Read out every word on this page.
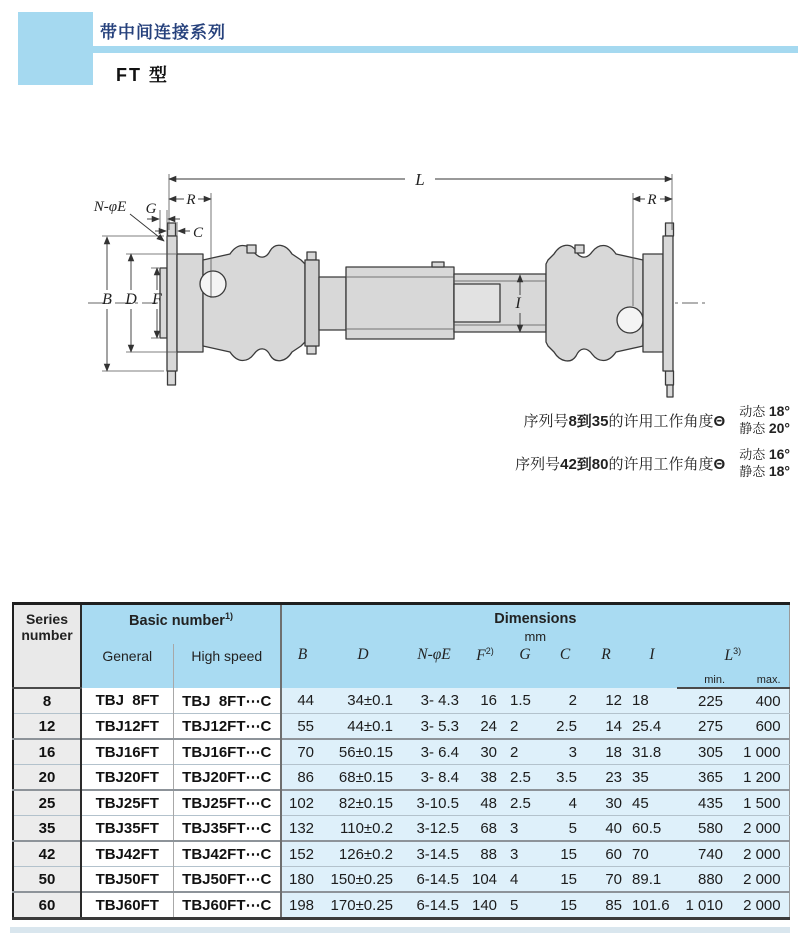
带中间连接系列
FT 型
L
R	R
N-φE G
C
B D F	I
序列号8到35的许用工作角度Θ
动态 18°
静态 20°
序列号42到80的许用工作角度Θ
动态 16°
静态 18°
Series number	Basic number$^{1)}$		Dimensions
mm									

	General	High speed	B	D	N-φE	$F^{2)}$	G	C	R	I	$L^{3)}$
											min.	max.
8	TBJ  8FT	TBJ  8FT⋯C	44	34±0.1	3- 4.3	16	1.5	2	12	18	225	400
12	TBJ12FT	TBJ12FT⋯C	55	44±0.1	3- 5.3	24	2	2.5	14	25.4	275	600
16	TBJ16FT	TBJ16FT⋯C	70	56±0.15	3- 6.4	30	2	3	18	31.8	305	1 000
20	TBJ20FT	TBJ20FT⋯C	86	68±0.15	3- 8.4	38	2.5	3.5	23	35	365	1 200
25	TBJ25FT	TBJ25FT⋯C	102	82±0.15	3-10.5	48	2.5	4	30	45	435	1 500
35	TBJ35FT	TBJ35FT⋯C	132	110±0.2	3-12.5	68	3	5	40	60.5	580	2 000
42	TBJ42FT	TBJ42FT⋯C	152	126±0.2	3-14.5	88	3	15	60	70	740	2 000
50	TBJ50FT	TBJ50FT⋯C	180	150±0.25	6-14.5	104	4	15	70	89.1	880	2 000
60	TBJ60FT	TBJ60FT⋯C	198	170±0.25	6-14.5	140	5	15	85	101.6	1 010	2 000
